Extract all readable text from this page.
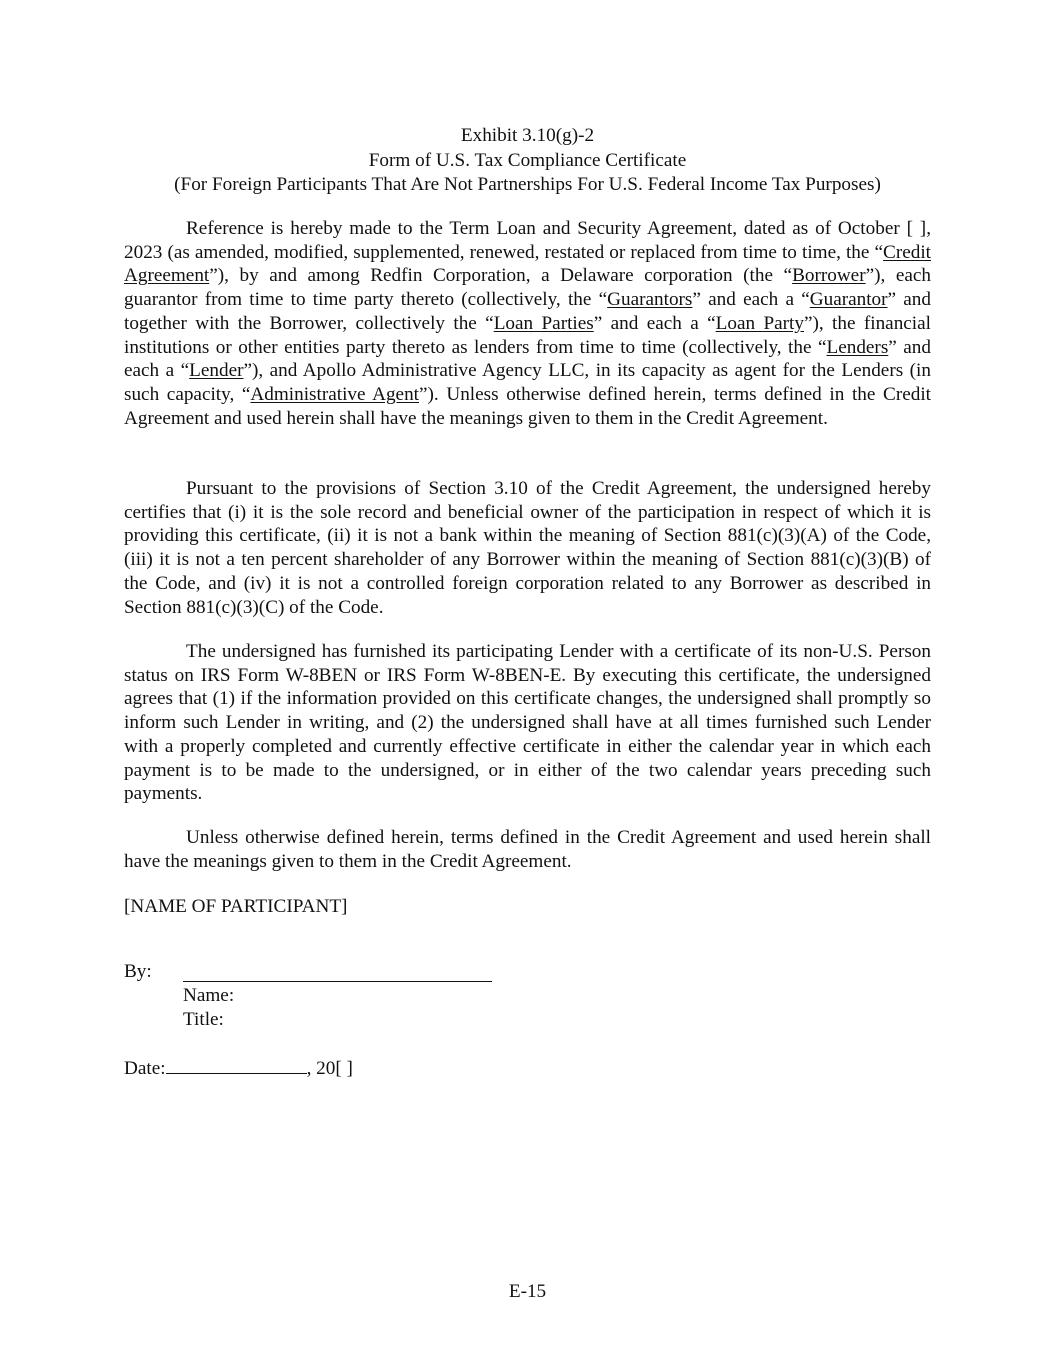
Exhibit 3.10(g)-2
Form of U.S. Tax Compliance Certificate
(For Foreign Participants That Are Not Partnerships For U.S. Federal Income Tax Purposes)

Reference is hereby made to the Term Loan and Security Agreement, dated as of October [ ], 2023 (as amended, modified, supplemented, renewed, restated or replaced from time to time, the “Credit Agreement”), by and among Redfin Corporation, a Delaware corporation (the “Borrower”), each guarantor from time to time party thereto (collectively, the “Guarantors” and each a “Guarantor” and together with the Borrower, collectively the “Loan Parties” and each a “Loan Party”), the financial institutions or other entities party thereto as lenders from time to time (collectively, the “Lenders” and each a “Lender”), and Apollo Administrative Agency LLC, in its capacity as agent for the Lenders (in such capacity, “Administrative Agent”). Unless otherwise defined herein, terms defined in the Credit Agreement and used herein shall have the meanings given to them in the Credit Agreement.

Pursuant to the provisions of Section 3.10 of the Credit Agreement, the undersigned hereby certifies that (i) it is the sole record and beneficial owner of the participation in respect of which it is providing this certificate, (ii) it is not a bank within the meaning of Section 881(c)(3)(A) of the Code, (iii) it is not a ten percent shareholder of any Borrower within the meaning of Section 881(c)(3)(B) of the Code, and (iv) it is not a controlled foreign corporation related to any Borrower as described in Section 881(c)(3)(C) of the Code.

The undersigned has furnished its participating Lender with a certificate of its non-U.S. Person status on IRS Form W-8BEN or IRS Form W-8BEN-E. By executing this certificate, the undersigned agrees that (1) if the information provided on this certificate changes, the undersigned shall promptly so inform such Lender in writing, and (2) the undersigned shall have at all times furnished such Lender with a properly completed and currently effective certificate in either the calendar year in which each payment is to be made to the undersigned, or in either of the two calendar years preceding such payments.

Unless otherwise defined herein, terms defined in the Credit Agreement and used herein shall have the meanings given to them in the Credit Agreement.

[NAME OF PARTICIPANT]
By:
Name:
Title:
Date:	, 20[ ]
E-15
